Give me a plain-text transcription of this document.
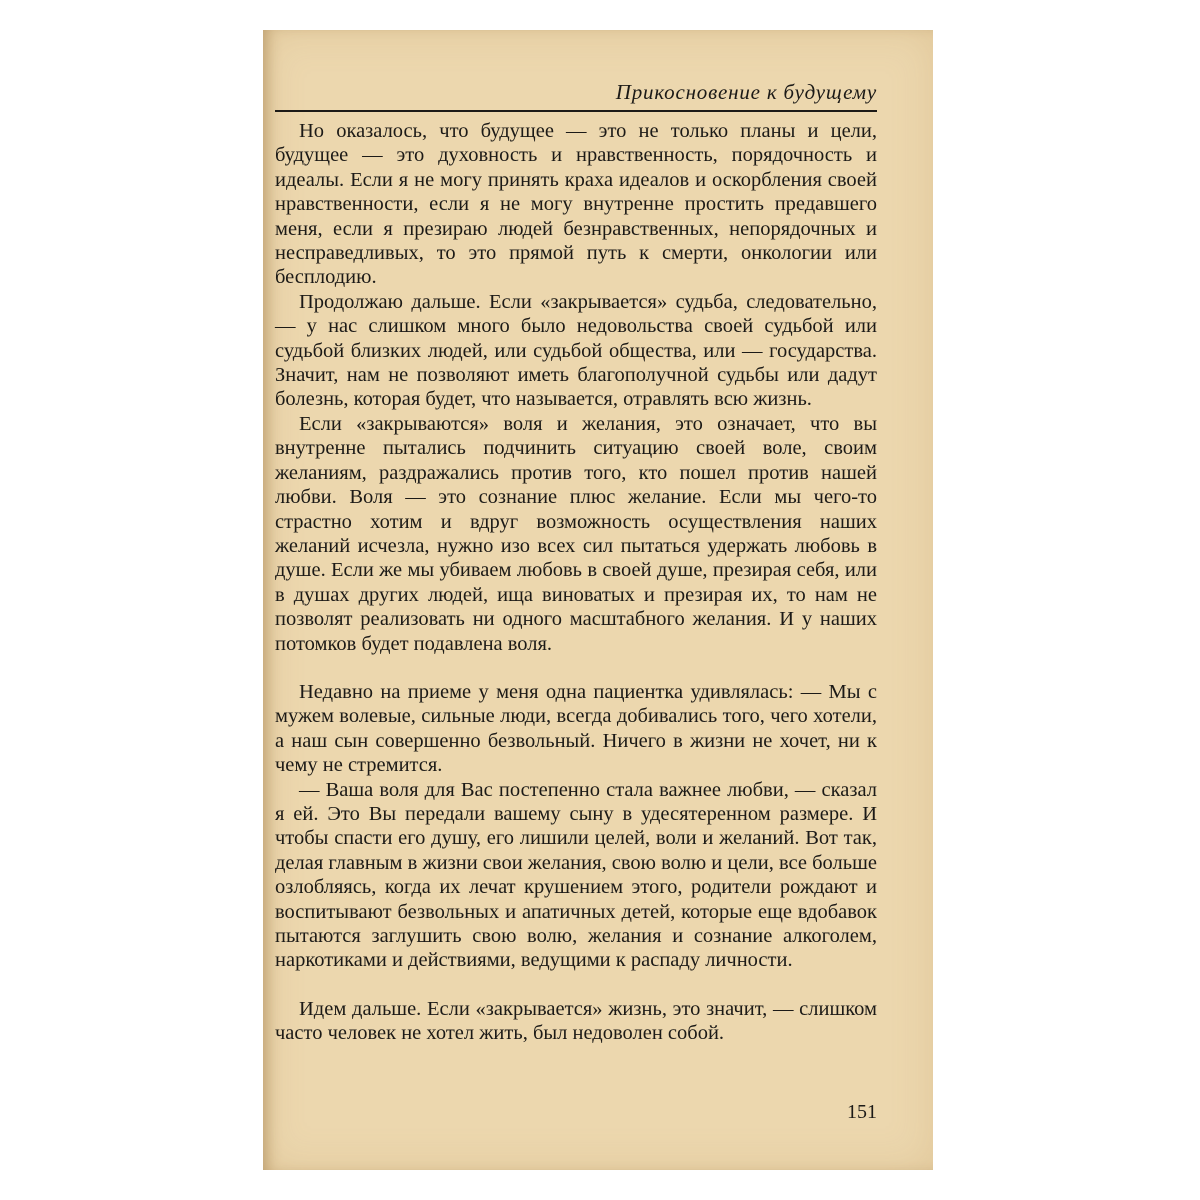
Прикосновение к будущему

Но оказалось, что будущее — это не только планы и цели, будущее — это духовность и нравственность, порядочность и идеалы. Если я не могу принять краха идеалов и оскорбления своей нравственности, если я не могу внутренне простить предавшего меня, если я презираю людей безнравственных, непорядочных и несправедливых, то это прямой путь к смерти, онкологии или бесплодию.

Продолжаю дальше. Если «закрывается» судьба, следовательно, — у нас слишком много было недовольства своей судьбой или судьбой близких людей, или судьбой общества, или — государства. Значит, нам не позволяют иметь благополучной судьбы или дадут болезнь, которая будет, что называется, отравлять всю жизнь.

Если «закрываются» воля и желания, это означает, что вы внутренне пытались подчинить ситуацию своей воле, своим желаниям, раздражались против того, кто пошел против нашей любви. Воля — это сознание плюс желание. Если мы чего-то страстно хотим и вдруг возможность осуществления наших желаний исчезла, нужно изо всех сил пытаться удержать любовь в душе. Если же мы убиваем любовь в своей душе, презирая себя, или в душах других людей, ища виноватых и презирая их, то нам не позволят реализовать ни одного масштабного желания. И у наших потомков будет подавлена воля.

Недавно на приеме у меня одна пациентка удивлялась: — Мы с мужем волевые, сильные люди, всегда добивались того, чего хотели, а наш сын совершенно безвольный. Ничего в жизни не хочет, ни к чему не стремится.

— Ваша воля для Вас постепенно стала важнее любви, — сказал я ей. Это Вы передали вашему сыну в удесятеренном размере. И чтобы спасти его душу, его лишили целей, воли и желаний. Вот так, делая главным в жизни свои желания, свою волю и цели, все больше озлобляясь, когда их лечат крушением этого, родители рождают и воспитывают безвольных и апатичных детей, которые еще вдобавок пытаются заглушить свою волю, желания и сознание алкоголем, наркотиками и действиями, ведущими к распаду личности.

Идем дальше. Если «закрывается» жизнь, это значит, — слишком часто человек не хотел жить, был недоволен собой.

151
